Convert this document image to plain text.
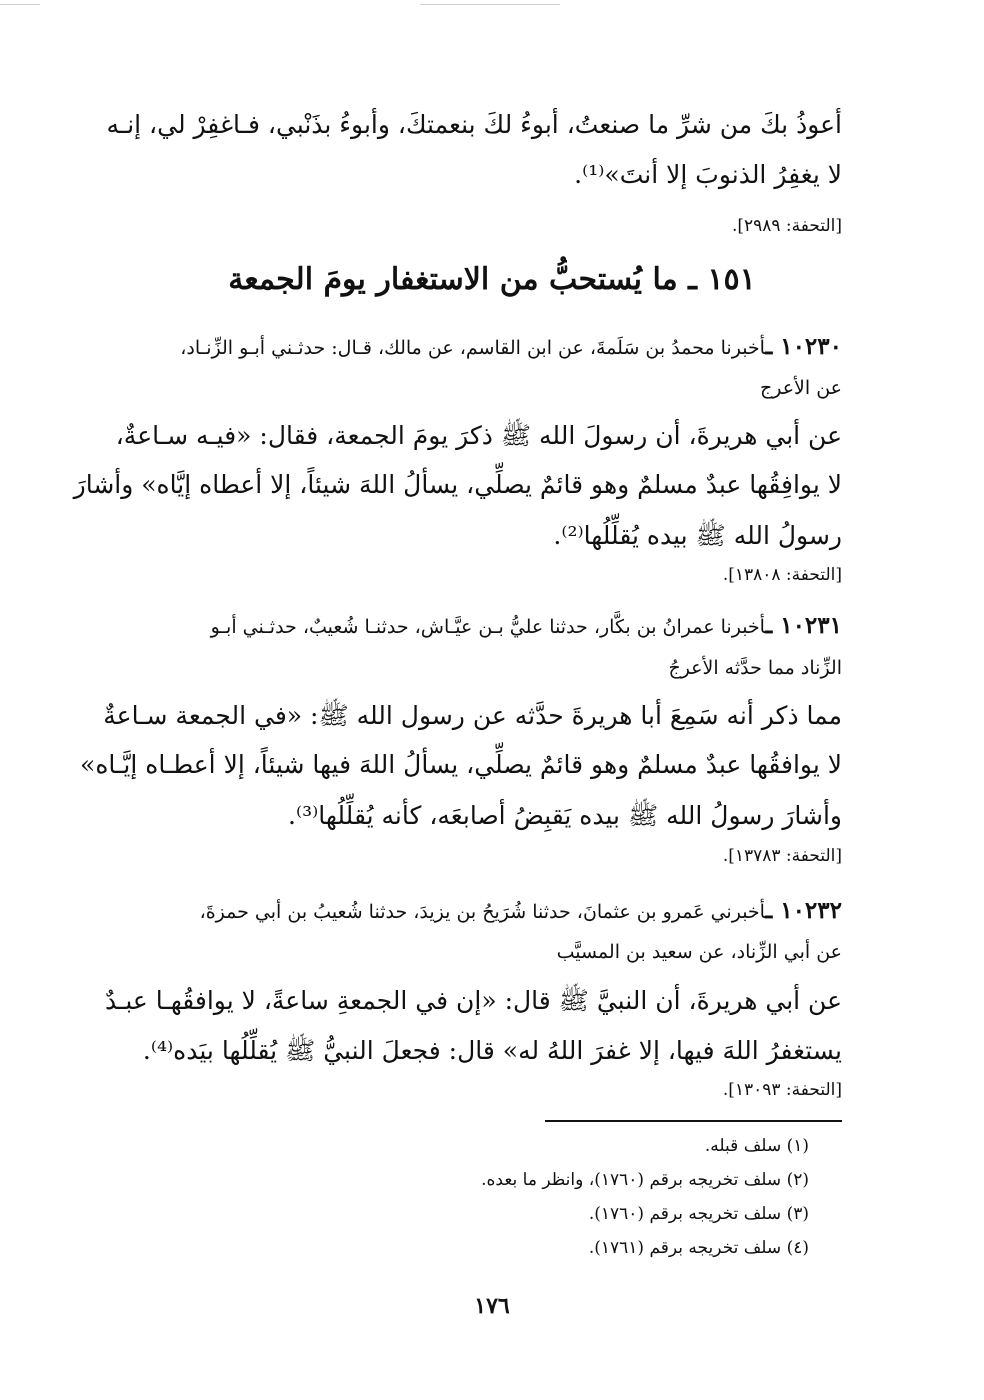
أعوذُ بكَ من شرِّ ما صنعتُ، أبوءُ لكَ بنعمتكَ، وأبوءُ بذَنْبي، فـاغفِرْ لي، إنـه
لا يغفِرُ الذنوبَ إلا أنتَ»⁽¹⁾.
[التحفة: ٢٩٨٩].
١٥١ ـ ما يُستحبُّ من الاستغفار يومَ الجمعة
١٠٢٣٠ ـأخبرنا محمدُ بن سَلَمةَ، عن ابن القاسم، عن مالك، قـال: حدثـني أبـو الزِّنـاد،
عن الأعرج
عن أبي هريرةَ، أن رسولَ الله ﷺ ذكرَ يومَ الجمعة، فقال: «فيـه سـاعةٌ،
لا يوافِقُها عبدٌ مسلمٌ وهو قائمٌ يصلِّي، يسألُ اللهَ شيئاً، إلا أعطاه إيَّاه» وأشارَ
رسولُ الله ﷺ بيده يُقلِّلُها⁽²⁾.
[التحفة: ١٣٨٠٨].
١٠٢٣١ ـأخبرنا عمرانُ بن بكَّار، حدثنا عليُّ بـن عيَّـاش، حدثنـا شُعيبٌ، حدثـني أبـو
الزِّناد مما حدَّثه الأعرجُ
مما ذكر أنه سَمِعَ أبا هريرةَ حدَّثه عن رسول الله ﷺ: «في الجمعة سـاعةٌ
لا يوافقُها عبدٌ مسلمٌ وهو قائمٌ يصلِّي، يسألُ اللهَ فيها شيئاً، إلا أعطـاه إيَّـاه»
وأشارَ رسولُ الله ﷺ بيده يَقبِضُ أصابعَه، كأنه يُقلِّلُها⁽³⁾.
[التحفة: ١٣٧٨٣].
١٠٢٣٢ ـأخبرني عَمرو بن عثمانَ، حدثنا شُرَيحُ بن يزيدَ، حدثنا شُعيبُ بن أبي حمزةَ،
عن أبي الزِّناد، عن سعيد بن المسيَّب
عن أبي هريرةَ، أن النبيَّ ﷺ قال: «إن في الجمعةِ ساعةً، لا يوافقُهـا عبـدٌ
يستغفرُ اللهَ فيها، إلا غفرَ اللهُ له» قال: فجعلَ النبيُّ ﷺ يُقلِّلُها بيَده⁽⁴⁾.
[التحفة: ١٣٠٩٣].
(١) سلف قبله.
(٢) سلف تخريجه برقم (١٧٦٠)، وانظر ما بعده.
(٣) سلف تخريجه برقم (١٧٦٠).
(٤) سلف تخريجه برقم (١٧٦١).
١٧٦
